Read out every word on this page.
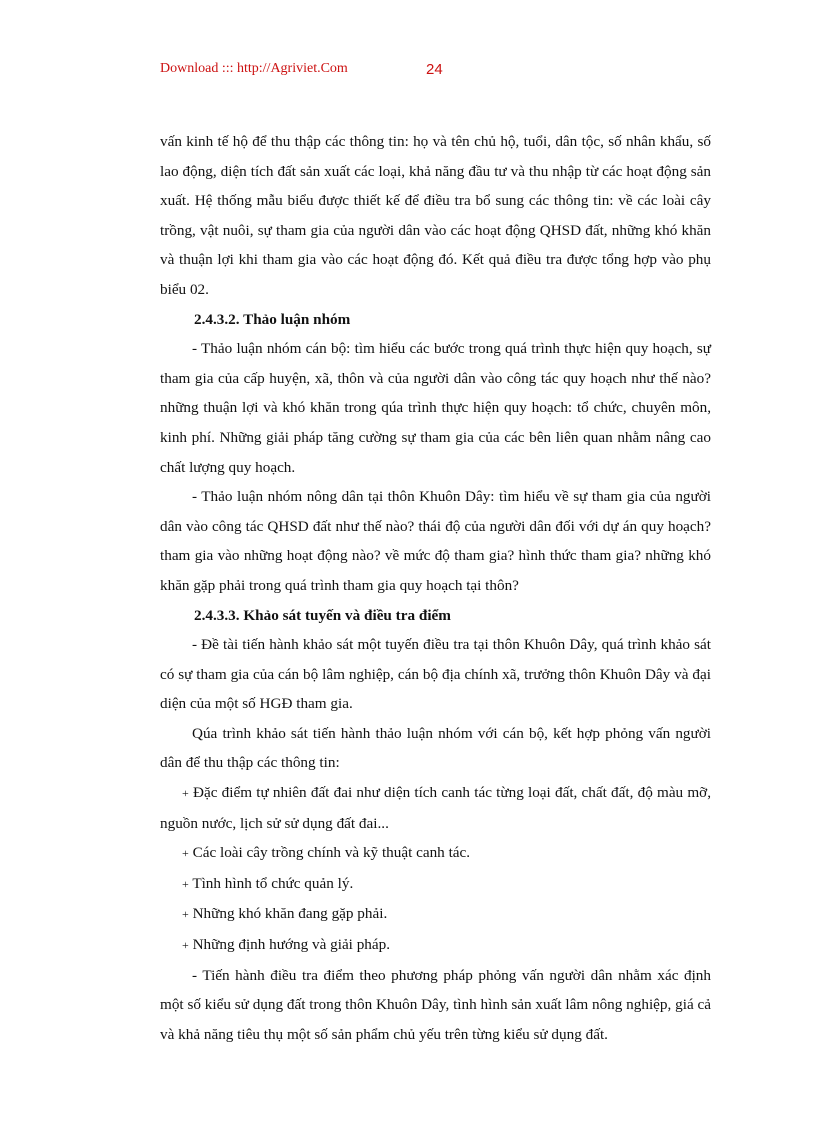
Download ::: http://Agriviet.Com	24

vấn kinh tế hộ để thu thập các thông tin: họ và tên chủ hộ, tuổi, dân tộc, số nhân khẩu, số lao động, diện tích đất sản xuất các loại, khả năng đầu tư và thu nhập từ các hoạt động sản xuất. Hệ thống mẫu biểu được thiết kế để điều tra bổ sung các thông tin: về các loài cây trồng, vật nuôi, sự tham gia của người dân vào các hoạt động QHSD đất, những khó khăn và thuận lợi khi tham gia vào các hoạt động đó. Kết quả điều tra được tổng hợp vào phụ biểu 02.

2.4.3.2. Thảo luận nhóm

- Thảo luận nhóm cán bộ: tìm hiểu các bước trong quá trình thực hiện quy hoạch, sự tham gia của cấp huyện, xã, thôn và của người dân vào công tác quy hoạch như thế nào? những thuận lợi và khó khăn trong qúa trình thực hiện quy hoạch: tổ chức, chuyên môn, kinh phí. Những giải pháp tăng cường sự tham gia của các bên liên quan nhằm nâng cao chất lượng quy hoạch.

- Thảo luận nhóm nông dân tại thôn Khuôn Dây: tìm hiểu về sự tham gia của người dân vào công tác QHSD đất như thế nào? thái độ của người dân đối với dự án quy hoạch? tham gia vào những hoạt động nào? về mức độ tham gia? hình thức tham gia? những khó khăn gặp phải trong quá trình tham gia quy hoạch tại thôn?

2.4.3.3. Khảo sát tuyến và điều tra điểm

- Đề tài tiến hành khảo sát một tuyến điều tra tại thôn Khuôn Dây, quá trình khảo sát có sự tham gia của cán bộ lâm nghiệp, cán bộ địa chính xã, trưởng thôn Khuôn Dây và đại diện của một số HGĐ tham gia.

Qúa trình khảo sát tiến hành thảo luận nhóm với cán bộ, kết hợp phỏng vấn người dân để thu thập các thông tin:

+ Đặc điểm tự nhiên đất đai như diện tích canh tác từng loại đất, chất đất, độ màu mỡ, nguồn nước, lịch sử sử dụng đất đai...

+ Các loài cây trồng chính và kỹ thuật canh tác.

+ Tình hình tổ chức quản lý.

+ Những khó khăn đang gặp phải.

+ Những định hướng và giải pháp.

- Tiến hành điều tra điểm theo phương pháp phỏng vấn người dân nhằm xác định một số kiểu sử dụng đất trong thôn Khuôn Dây, tình hình sản xuất lâm nông nghiệp, giá cả và khả năng tiêu thụ một số sản phẩm chủ yếu trên từng kiểu sử dụng đất.
